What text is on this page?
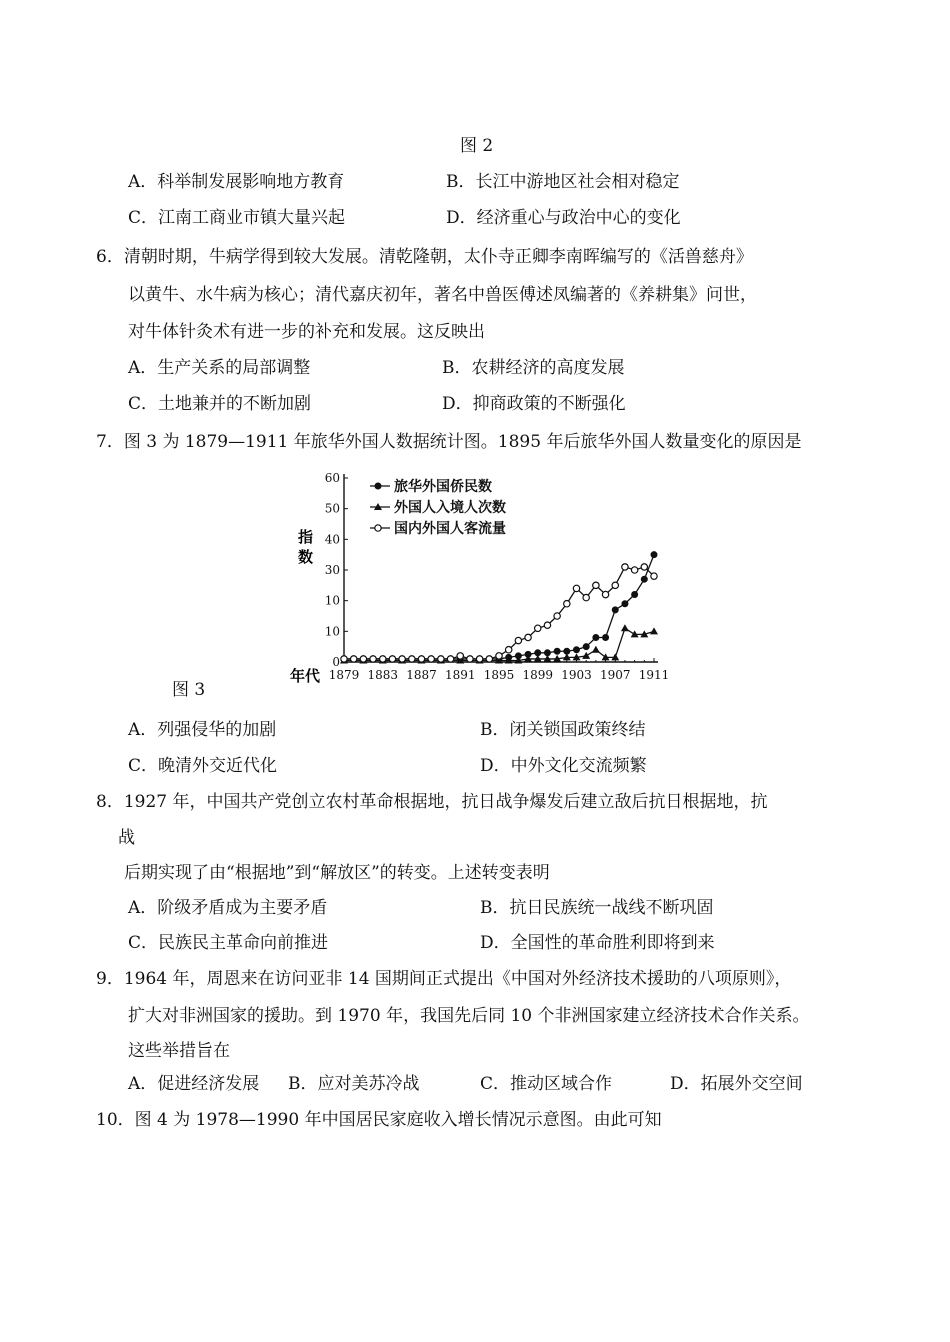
图 2
A．科举制发展影响地方教育	B．长江中游地区社会相对稳定
C．江南工商业市镇大量兴起	D．经济重心与政治中心的变化
6．清朝时期，牛病学得到较大发展。清乾隆朝，太仆寺正卿李南晖编写的《活兽慈舟》
以黄牛、水牛病为核心；清代嘉庆初年，著名中兽医傅述凤编著的《养耕集》问世，
对牛体针灸术有进一步的补充和发展。这反映出
A．生产关系的局部调整	B．农耕经济的高度发展
C．土地兼并的不断加剧	D．抑商政策的不断强化
7．图 3 为 1879—1911 年旅华外国人数据统计图。1895 年后旅华外国人数量变化的原因是
0
10
10
30
40
50
60
1879 1883 1887 1891 1895 1899 1903 1907 1911
旅华外国侨民数
外国人入境人次数
国内外国人客流量
指
数
年代
图 3
A．列强侵华的加剧	B．闭关锁国政策终结
C．晚清外交近代化	D．中外文化交流频繁
8．1927 年，中国共产党创立农村革命根据地，抗日战争爆发后建立敌后抗日根据地，抗
战
后期实现了由“根据地”到“解放区”的转变。上述转变表明
A．阶级矛盾成为主要矛盾	B．抗日民族统一战线不断巩固
C．民族民主革命向前推进	D．全国性的革命胜利即将到来
9．1964 年，周恩来在访问亚非 14 国期间正式提出《中国对外经济技术援助的八项原则》，
扩大对非洲国家的援助。到 1970 年，我国先后同 10 个非洲国家建立经济技术合作关系。
这些举措旨在
A．促进经济发展 B．应对美苏冷战	C．推动区域合作	D．拓展外交空间
10．图 4 为 1978—1990 年中国居民家庭收入增长情况示意图。由此可知
